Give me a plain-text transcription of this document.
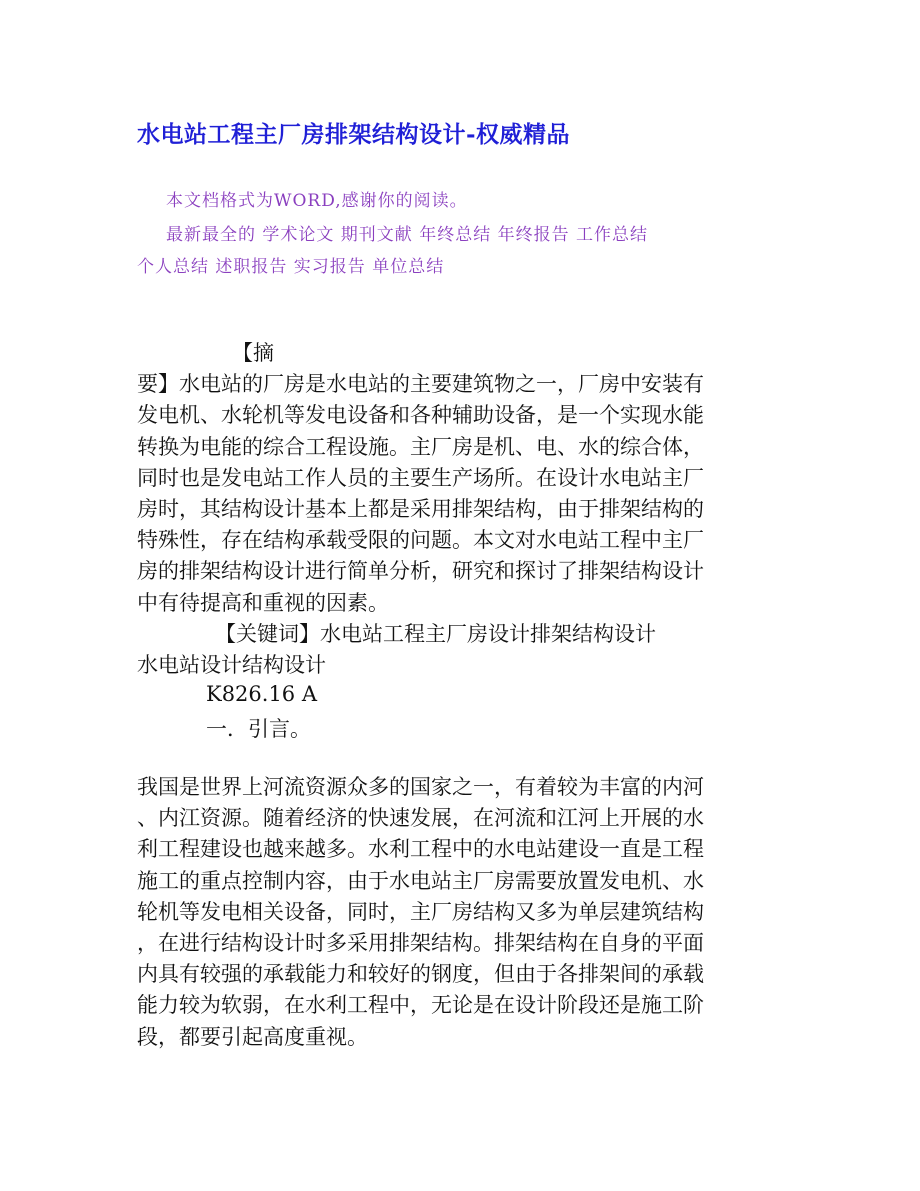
水电站工程主厂房排架结构设计-权威精品
本文档格式为WORD,感谢你的阅读。
最新最全的 学术论文 期刊文献 年终总结 年终报告 工作总结
个人总结 述职报告 实习报告 单位总结
【摘
要】水电站的厂房是水电站的主要建筑物之一，厂房中安装有
发电机、水轮机等发电设备和各种辅助设备，是一个实现水能
转换为电能的综合工程设施。主厂房是机、电、水的综合体，
同时也是发电站工作人员的主要生产场所。在设计水电站主厂
房时，其结构设计基本上都是采用排架结构，由于排架结构的
特殊性，存在结构承载受限的问题。本文对水电站工程中主厂
房的排架结构设计进行简单分析，研究和探讨了排架结构设计
中有待提高和重视的因素。
【关键词】水电站工程主厂房设计排架结构设计
水电站设计结构设计
K826.16 A
一．引言。
我国是世界上河流资源众多的国家之一，有着较为丰富的内河
、内江资源。随着经济的快速发展，在河流和江河上开展的水
利工程建设也越来越多。水利工程中的水电站建设一直是工程
施工的重点控制内容，由于水电站主厂房需要放置发电机、水
轮机等发电相关设备，同时，主厂房结构又多为单层建筑结构
，在进行结构设计时多采用排架结构。排架结构在自身的平面
内具有较强的承载能力和较好的钢度，但由于各排架间的承载
能力较为软弱，在水利工程中，无论是在设计阶段还是施工阶
段，都要引起高度重视。
